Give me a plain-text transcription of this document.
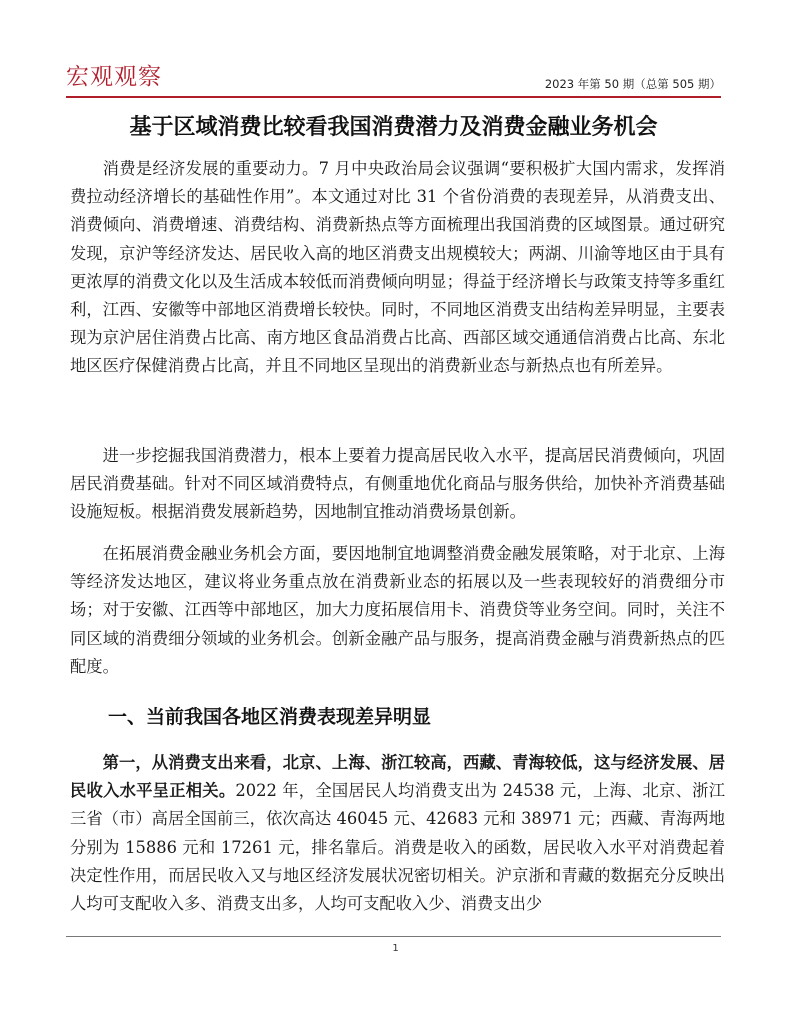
宏观观察	2023 年第 50 期（总第 505 期）
基于区域消费比较看我国消费潜力及消费金融业务机会

消费是经济发展的重要动力。7 月中央政治局会议强调“要积极扩大国内需求，发挥消费拉动经济增长的基础性作用”。本文通过对比 31 个省份消费的表现差异，从消费支出、消费倾向、消费增速、消费结构、消费新热点等方面梳理出我国消费的区域图景。通过研究发现，京沪等经济发达、居民收入高的地区消费支出规模较大；两湖、川渝等地区由于具有更浓厚的消费文化以及生活成本较低而消费倾向明显；得益于经济增长与政策支持等多重红利，江西、安徽等中部地区消费增长较快。同时，不同地区消费支出结构差异明显，主要表现为京沪居住消费占比高、南方地区食品消费占比高、西部区域交通通信消费占比高、东北地区医疗保健消费占比高，并且不同地区呈现出的消费新业态与新热点也有所差异。

进一步挖掘我国消费潜力，根本上要着力提高居民收入水平，提高居民消费倾向，巩固居民消费基础。针对不同区域消费特点，有侧重地优化商品与服务供给，加快补齐消费基础设施短板。根据消费发展新趋势，因地制宜推动消费场景创新。

在拓展消费金融业务机会方面，要因地制宜地调整消费金融发展策略，对于北京、上海等经济发达地区，建议将业务重点放在消费新业态的拓展以及一些表现较好的消费细分市场；对于安徽、江西等中部地区，加大力度拓展信用卡、消费贷等业务空间。同时，关注不同区域的消费细分领域的业务机会。创新金融产品与服务，提高消费金融与消费新热点的匹配度。

一、当前我国各地区消费表现差异明显

第一，从消费支出来看，北京、上海、浙江较高，西藏、青海较低，这与经济发展、居民收入水平呈正相关。2022 年，全国居民人均消费支出为 24538 元，上海、北京、浙江三省（市）高居全国前三，依次高达 46045 元、42683 元和 38971 元；西藏、青海两地分别为 15886 元和 17261 元，排名靠后。消费是收入的函数，居民收入水平对消费起着决定性作用，而居民收入又与地区经济发展状况密切相关。沪京浙和青藏的数据充分反映出人均可支配收入多、消费支出多，人均可支配收入少、消费支出少

1
